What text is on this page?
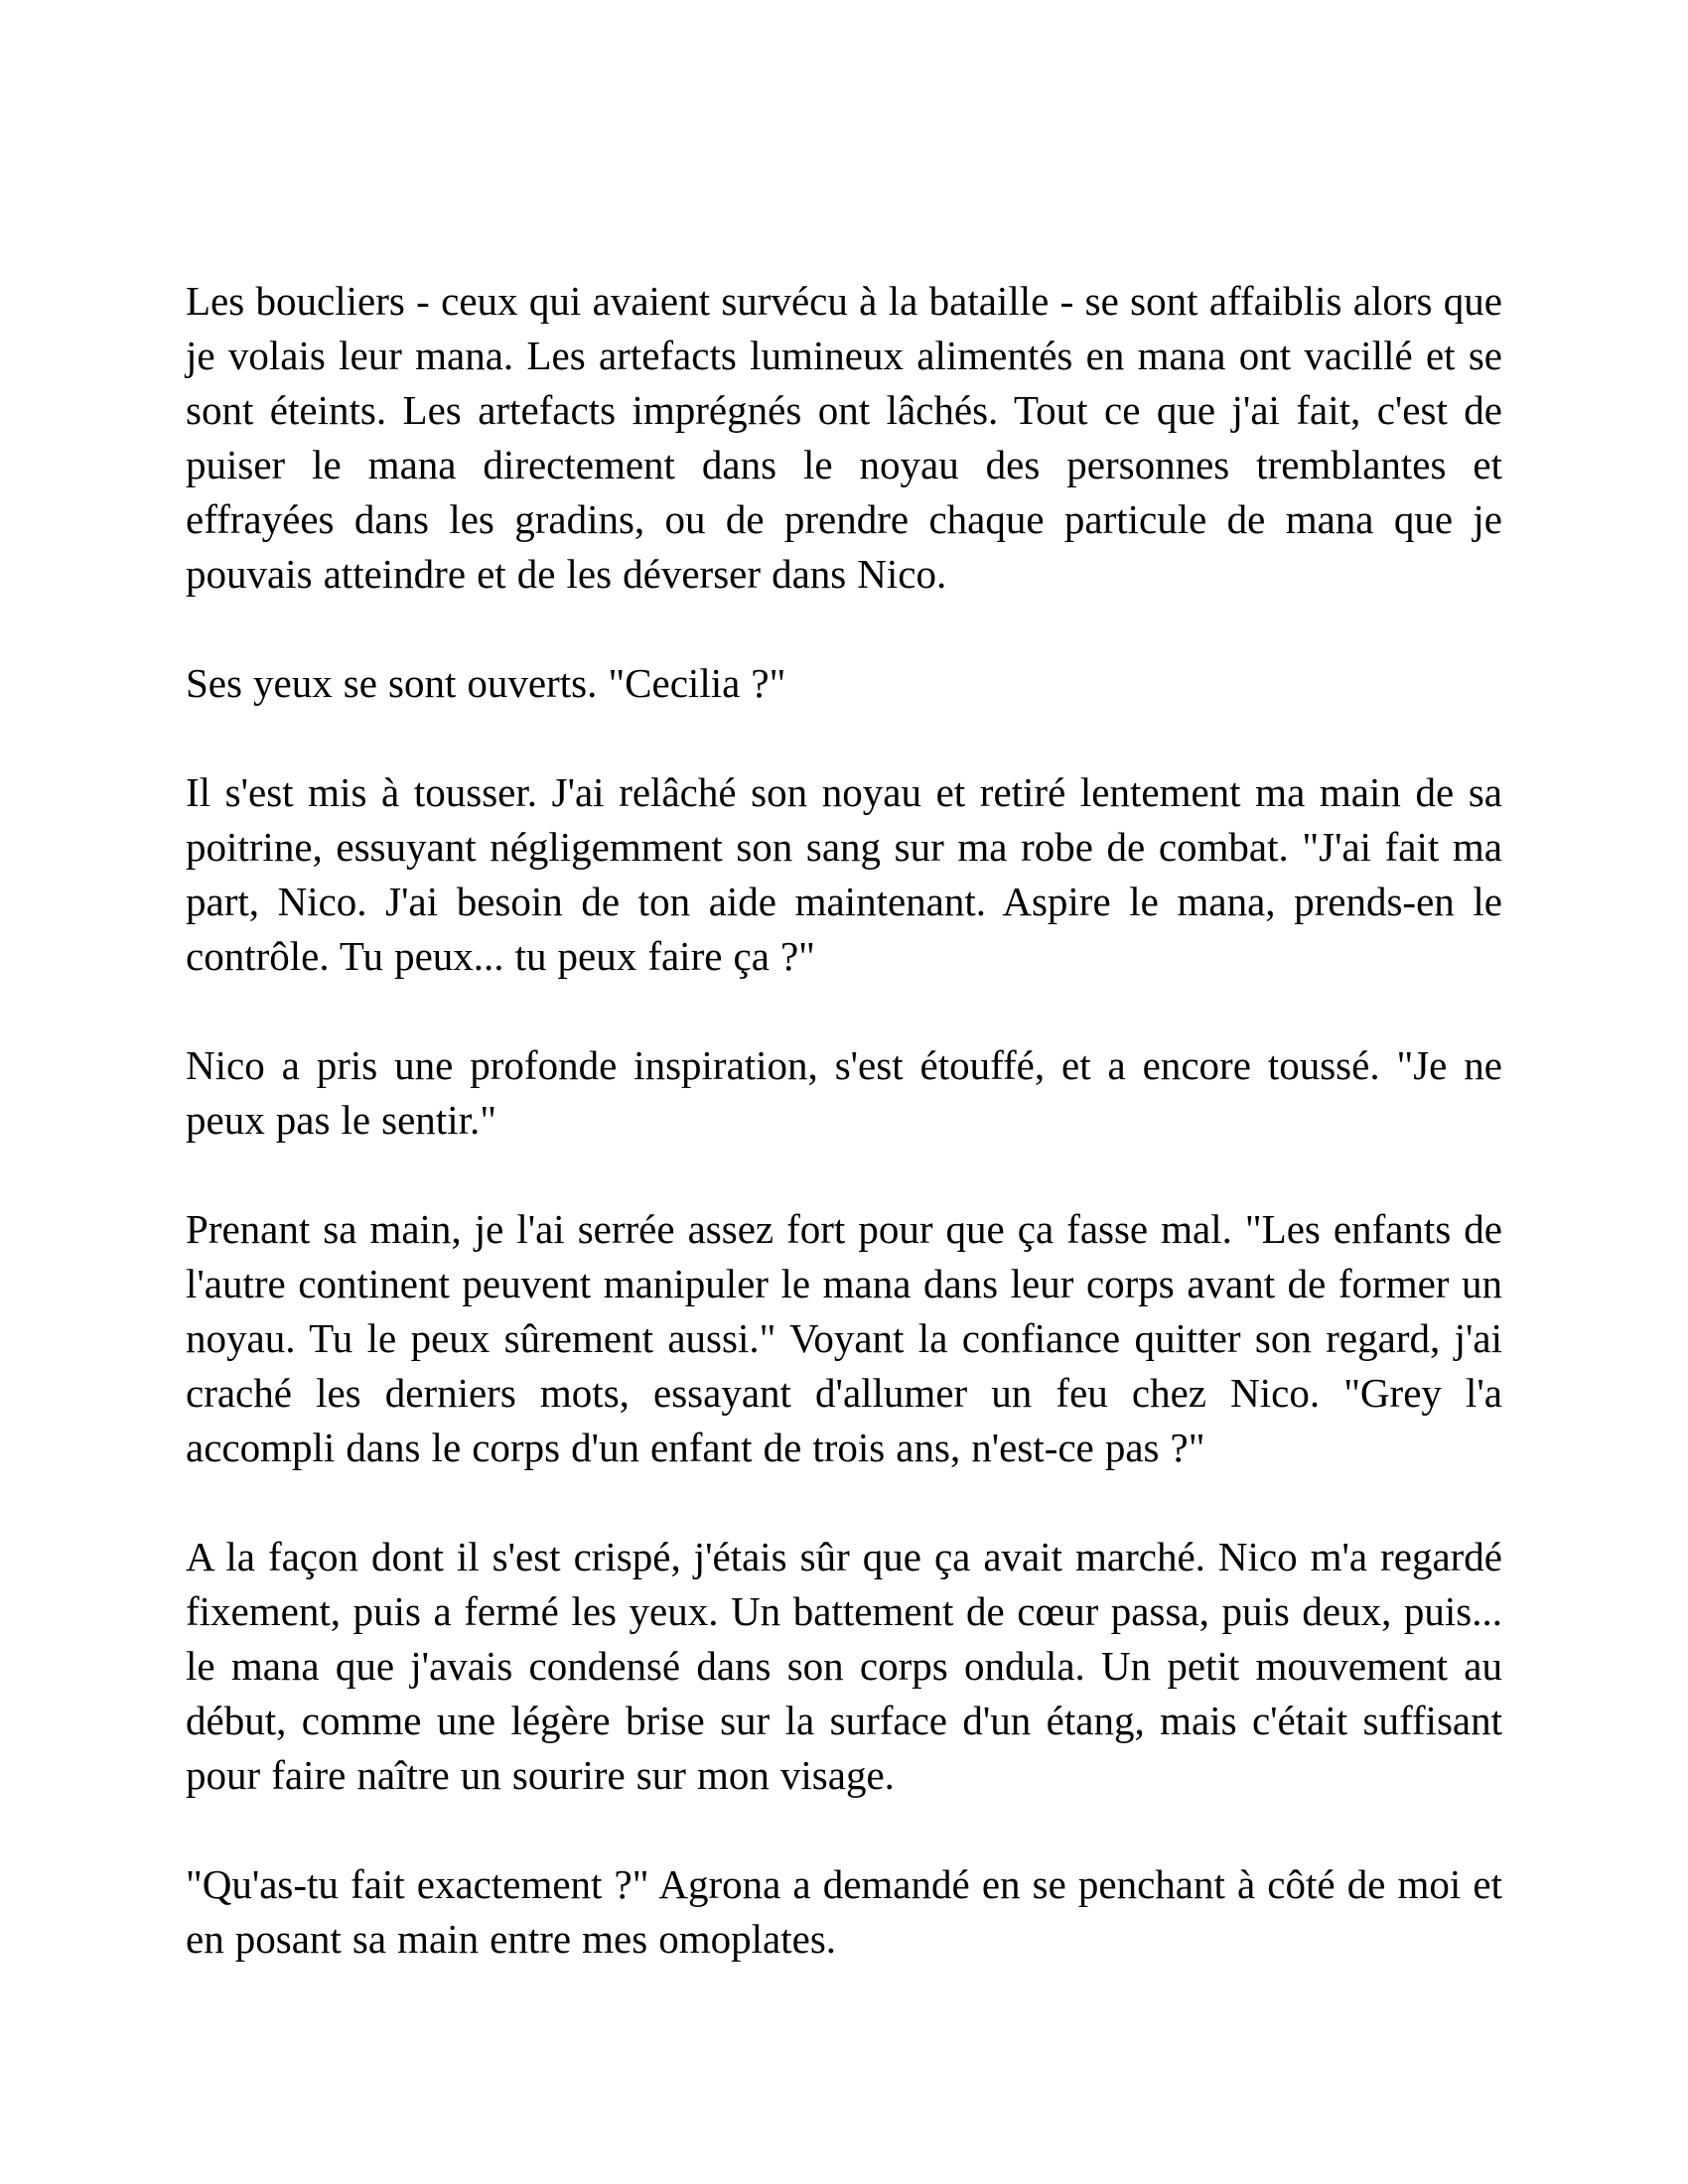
Les boucliers - ceux qui avaient survécu à la bataille - se sont affaiblis alors que je volais leur mana. Les artefacts lumineux alimentés en mana ont vacillé et se sont éteints. Les artefacts imprégnés ont lâchés. Tout ce que j'ai fait, c'est de puiser le mana directement dans le noyau des personnes tremblantes et effrayées dans les gradins, ou de prendre chaque particule de mana que je pouvais atteindre et de les déverser dans Nico.

Ses yeux se sont ouverts. "Cecilia ?"

Il s'est mis à tousser. J'ai relâché son noyau et retiré lentement ma main de sa poitrine, essuyant négligemment son sang sur ma robe de combat. "J'ai fait ma part, Nico. J'ai besoin de ton aide maintenant. Aspire le mana, prends-en le contrôle. Tu peux... tu peux faire ça ?"

Nico a pris une profonde inspiration, s'est étouffé, et a encore toussé. "Je ne peux pas le sentir."

Prenant sa main, je l'ai serrée assez fort pour que ça fasse mal. "Les enfants de l'autre continent peuvent manipuler le mana dans leur corps avant de former un noyau. Tu le peux sûrement aussi." Voyant la confiance quitter son regard, j'ai craché les derniers mots, essayant d'allumer un feu chez Nico. "Grey l'a accompli dans le corps d'un enfant de trois ans, n'est-ce pas ?"

A la façon dont il s'est crispé, j'étais sûr que ça avait marché. Nico m'a regardé fixement, puis a fermé les yeux. Un battement de cœur passa, puis deux, puis... le mana que j'avais condensé dans son corps ondula. Un petit mouvement au début, comme une légère brise sur la surface d'un étang, mais c'était suffisant pour faire naître un sourire sur mon visage.

"Qu'as-tu fait exactement ?" Agrona a demandé en se penchant à côté de moi et en posant sa main entre mes omoplates.
